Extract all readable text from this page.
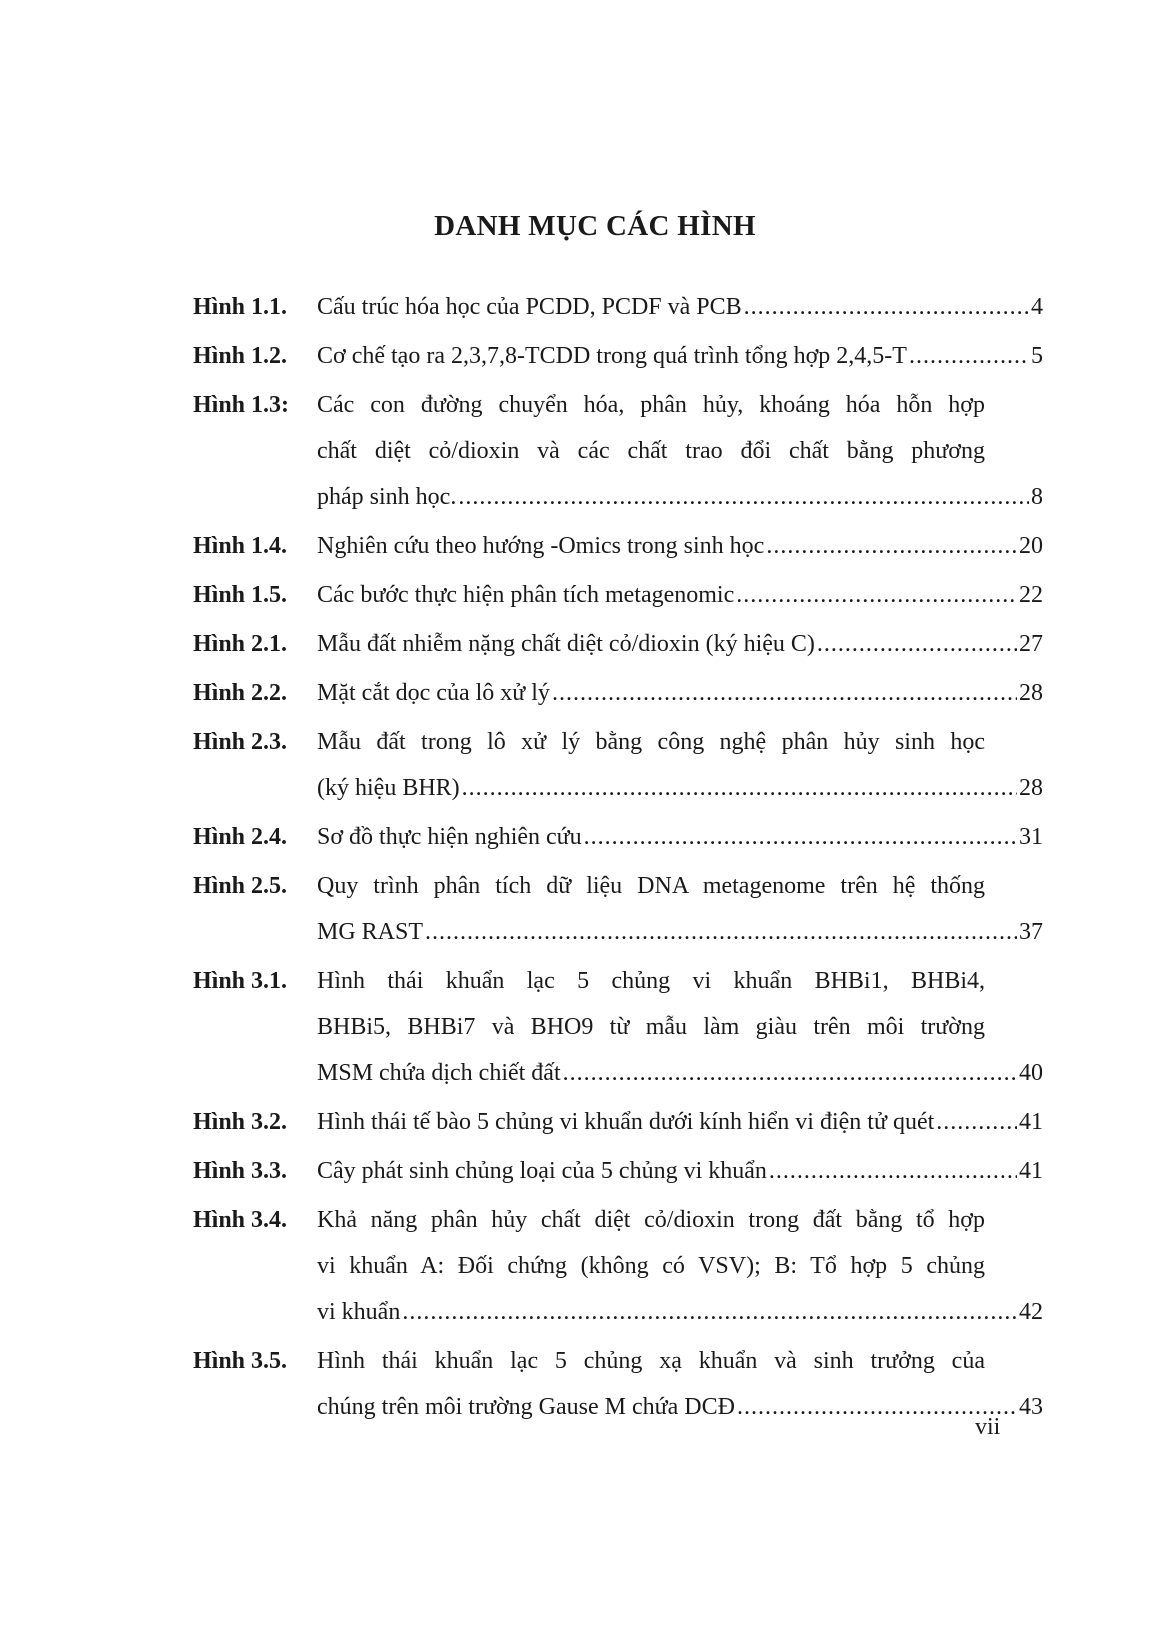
DANH MỤC CÁC HÌNH
Hình 1.1.	Cấu trúc hóa học của PCDD, PCDF và PCB .....	4
Hình 1.2.	Cơ chế tạo ra 2,3,7,8-TCDD trong quá trình tổng hợp 2,4,5-T .....	5
Hình 1.3:	Các con đường chuyển hóa, phân hủy, khoáng hóa hỗn hợp
chất diệt cỏ/dioxin và các chất trao đổi chất bằng phương
pháp sinh học. .....	8
Hình 1.4.	Nghiên cứu theo hướng -Omics trong sinh học .....	20
Hình 1.5.	Các bước thực hiện phân tích metagenomic .....	22
Hình 2.1.	Mẫu đất nhiễm nặng chất diệt cỏ/dioxin (ký hiệu C) .....	27
Hình 2.2.	Mặt cắt dọc của lô xử lý .....	28
Hình 2.3.	Mẫu đất trong lô xử lý bằng công nghệ phân hủy sinh học
(ký hiệu BHR) .....	28
Hình 2.4.	Sơ đồ thực hiện nghiên cứu .....	31
Hình 2.5.	Quy trình phân tích dữ liệu DNA metagenome trên hệ thống
MG RAST .....	37
Hình 3.1.	Hình thái khuẩn lạc 5 chủng vi khuẩn BHBi1, BHBi4,
BHBi5, BHBi7 và BHO9 từ mẫu làm giàu trên môi trường
MSM chứa dịch chiết đất .....	40
Hình 3.2.	Hình thái tế bào 5 chủng vi khuẩn dưới kính hiển vi điện tử quét .....	41
Hình 3.3.	Cây phát sinh chủng loại của 5 chủng vi khuẩn .....	41
Hình 3.4.	Khả năng phân hủy chất diệt cỏ/dioxin trong đất bằng tổ hợp
vi khuẩn A: Đối chứng (không có VSV); B: Tổ hợp 5 chủng
vi khuẩn .....	42
Hình 3.5.	Hình thái khuẩn lạc 5 chủng xạ khuẩn và sinh trưởng của
chúng trên môi trường Gause M chứa DCĐ .....	43
vii
